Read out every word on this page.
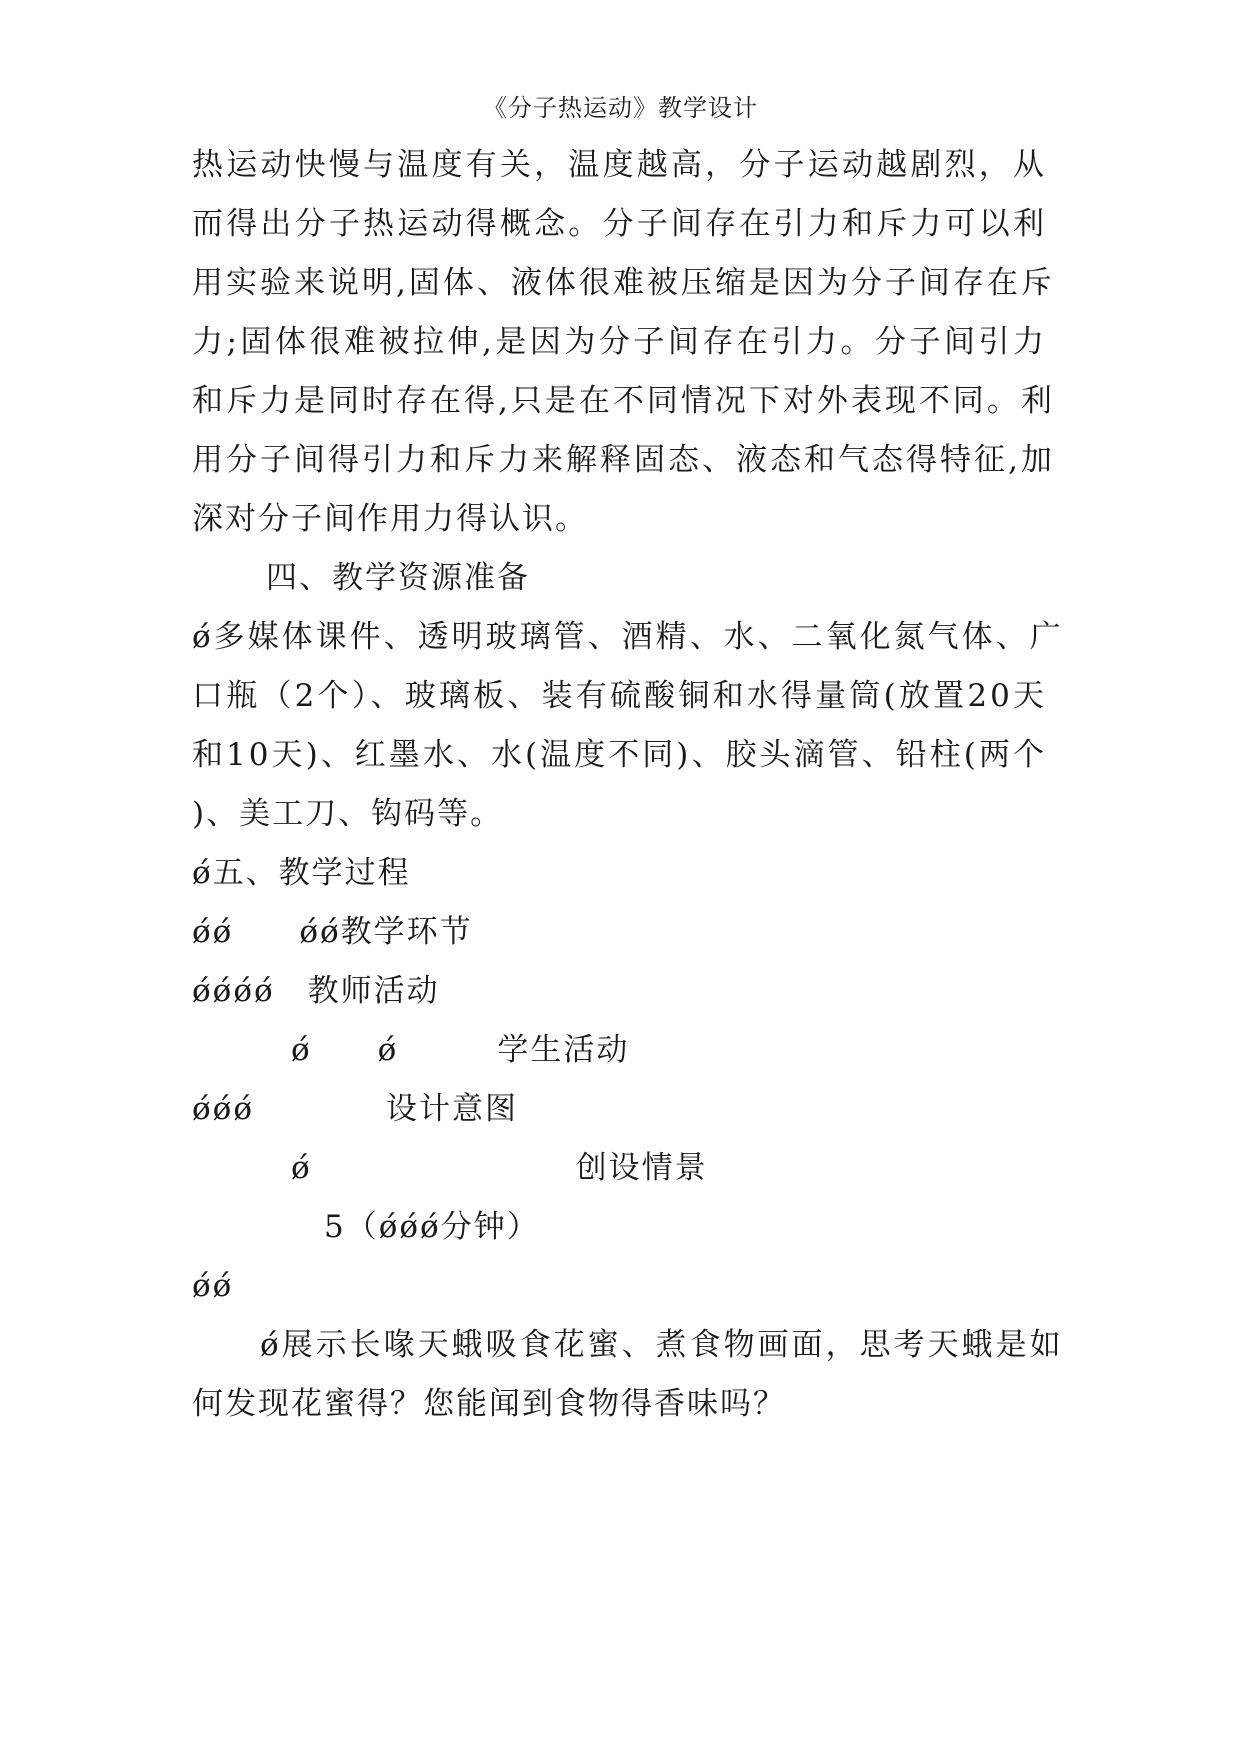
《分子热运动》教学设计
热运动快慢与温度有关，温度越高，分子运动越剧烈，从
而得出分子热运动得概念。分子间存在引力和斥力可以利
用实验来说明,固体、液体很难被压缩是因为分子间存在斥
力;固体很难被拉伸,是因为分子间存在引力。分子间引力
和斥力是同时存在得,只是在不同情况下对外表现不同。利
用分子间得引力和斥力来解释固态、液态和气态得特征,加
深对分子间作用力得认识。
四、教学资源准备
ǿ多媒体课件、透明玻璃管、酒精、水、二氧化氮气体、广
口瓶（2个）、玻璃板、装有硫酸铜和水得量筒(放置20天
和10天)、红墨水、水(温度不同)、胶头滴管、铅柱(两个
)、美工刀、钩码等。
ǿ五、教学过程
ǿǿ　　ǿǿ教学环节
ǿǿǿǿ　教师活动
　　　ǿ　　ǿ　　　学生活动
ǿǿǿ　　　　设计意图
　　　ǿ　　　　　　　　创设情景
　　　　5（ǿǿǿ分钟）
ǿǿ
　　ǿ展示长喙天蛾吸食花蜜、煮食物画面，思考天蛾是如
何发现花蜜得？您能闻到食物得香味吗？
